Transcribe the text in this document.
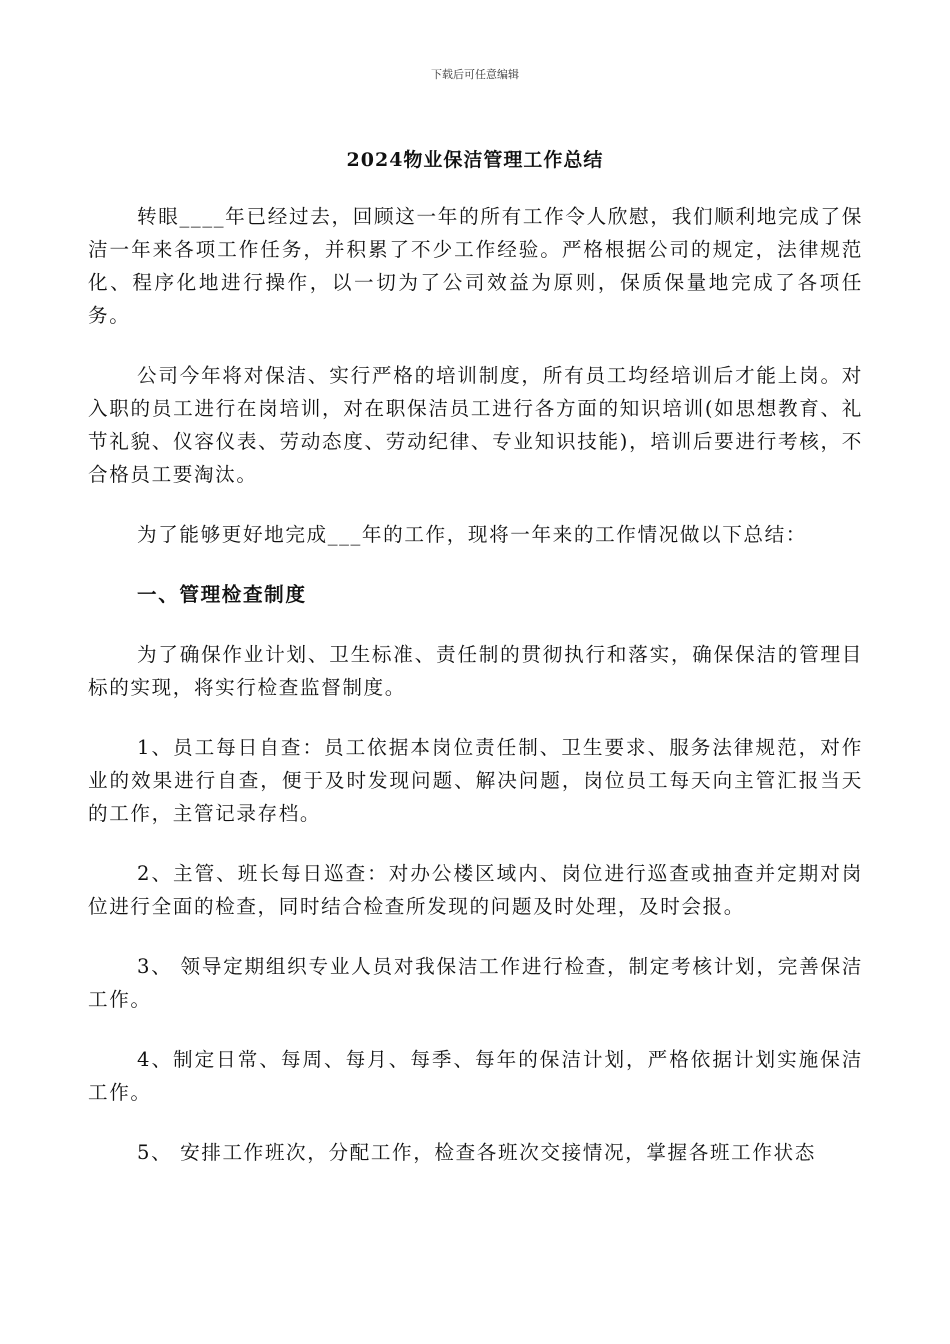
下载后可任意编辑
2024物业保洁管理工作总结

转眼____年已经过去，回顾这一年的所有工作令人欣慰，我们顺利地完成了保洁一年来各项工作任务，并积累了不少工作经验。严格根据公司的规定，法律规范化、程序化地进行操作，以一切为了公司效益为原则，保质保量地完成了各项任务。

公司今年将对保洁、实行严格的培训制度，所有员工均经培训后才能上岗。对入职的员工进行在岗培训，对在职保洁员工进行各方面的知识培训(如思想教育、礼节礼貌、仪容仪表、劳动态度、劳动纪律、专业知识技能)，培训后要进行考核，不合格员工要淘汰。

为了能够更好地完成___年的工作，现将一年来的工作情况做以下总结：

一、管理检查制度

为了确保作业计划、卫生标准、责任制的贯彻执行和落实，确保保洁的管理目标的实现，将实行检查监督制度。

1、员工每日自查：员工依据本岗位责任制、卫生要求、服务法律规范，对作业的效果进行自查，便于及时发现问题、解决问题，岗位员工每天向主管汇报当天的工作，主管记录存档。

2、主管、班长每日巡查：对办公楼区域内、岗位进行巡查或抽查并定期对岗位进行全面的检查，同时结合检查所发现的问题及时处理，及时会报。

3、 领导定期组织专业人员对我保洁工作进行检查，制定考核计划，完善保洁工作。

4、制定日常、每周、每月、每季、每年的保洁计划，严格依据计划实施保洁工作。

5、 安排工作班次，分配工作，检查各班次交接情况，掌握各班工作状态
